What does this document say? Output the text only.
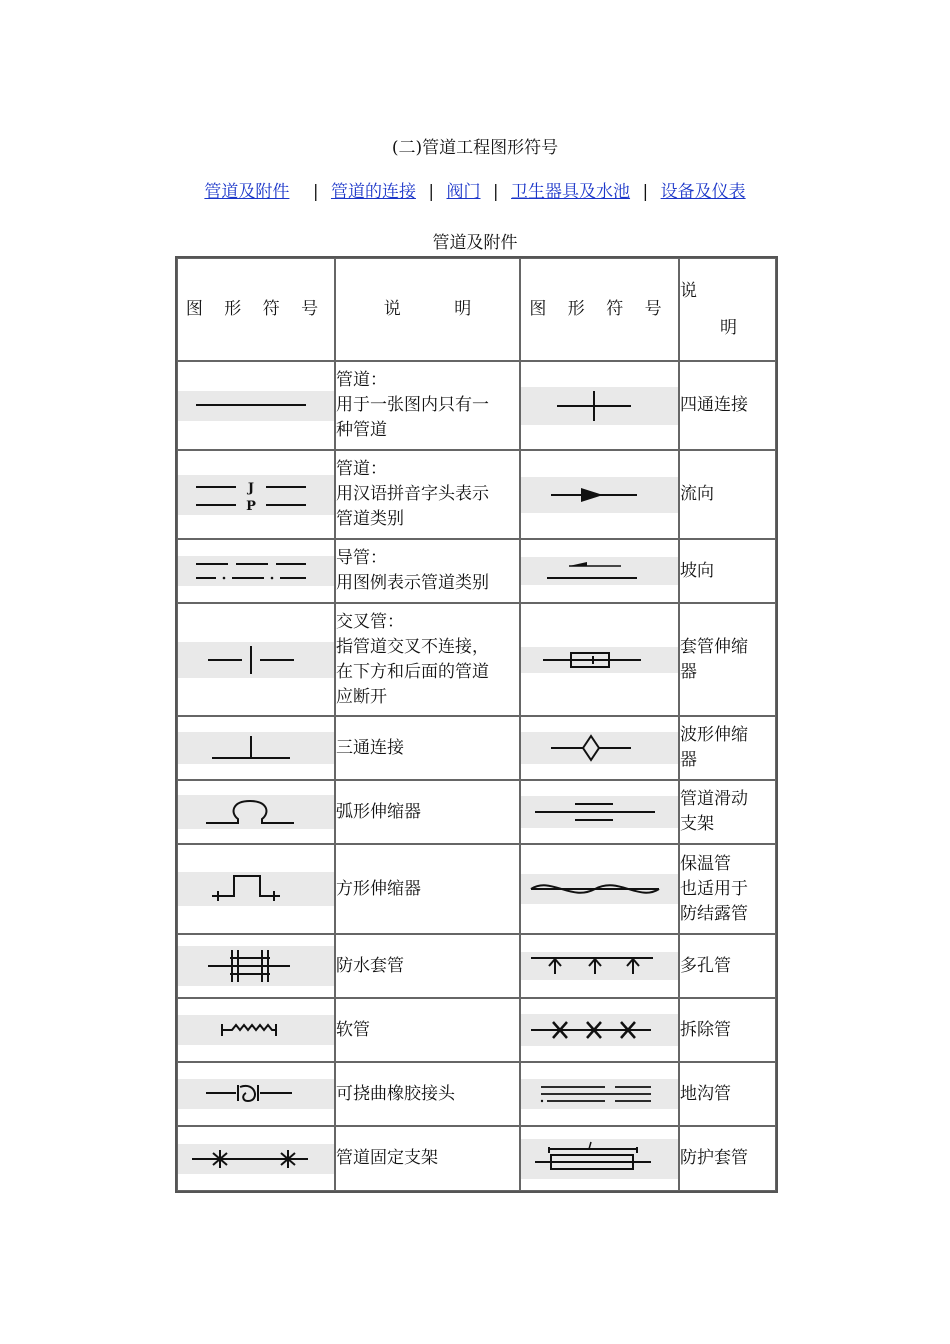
(二)管道工程图形符号
管道及附件 | 管道的连接 | 阀门 | 卫生器具及水池 | 设备及仪表
管道及附件
图 形 符 号	说 明	图 形 符 号	说
明

管道：
用于一张图内只有一
种管道		四通连接

J
P	管道：
用汉语拼音字头表示
管道类别		流向

导管：
用图例表示管道类别		坡向

交叉管：
指管道交叉不连接，
在下方和后面的管道
应断开		套管伸缩
器

三通连接		波形伸缩
器

弧形伸缩器		管道滑动
支架

方形伸缩器		保温管
也适用于
防结露管

防水套管		多孔管

软管		拆除管

可挠曲橡胶接头		地沟管

管道固定支架		防护套管
